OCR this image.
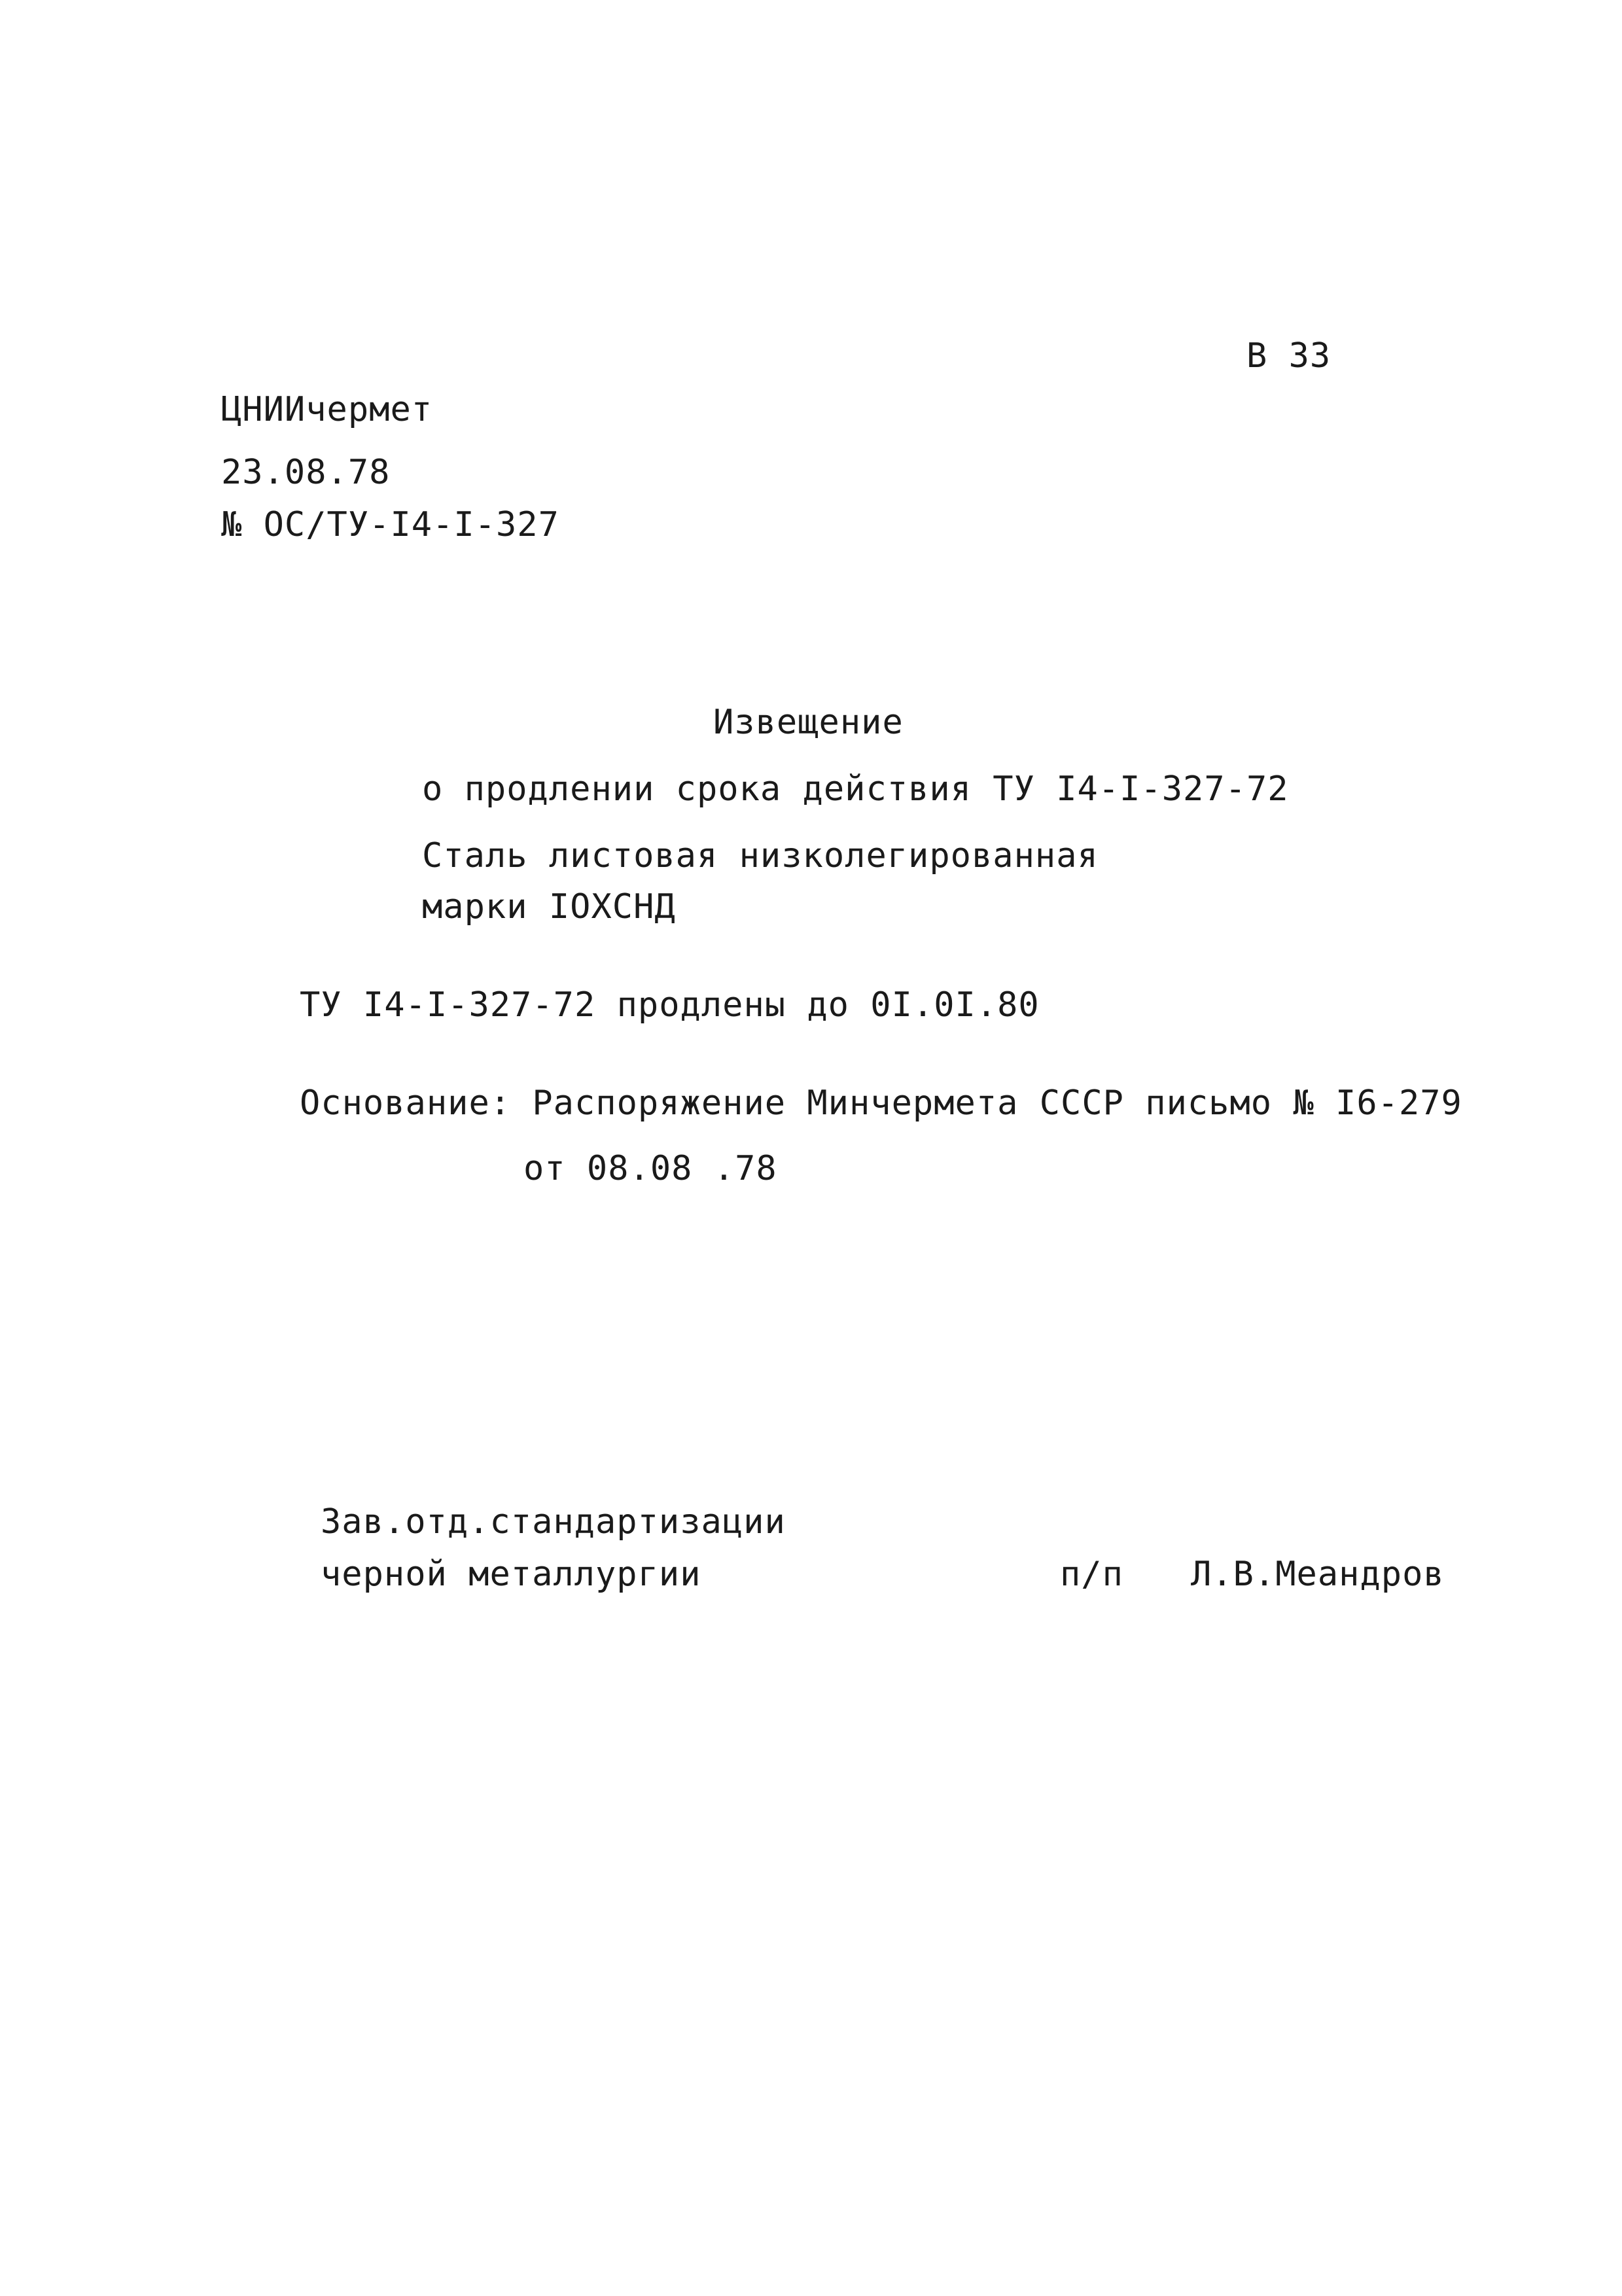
В 33
ЦНИИчермет
23.08.78
№ ОС/ТУ-I4-I-327
Извещение
о продлении срока действия ТУ I4-I-327-72
Сталь листовая низколегированная
марки IОХСНД
ТУ I4-I-327-72 продлены до 0I.0I.80
Основание: Распоряжение Минчермета СССР письмо № I6-279
от 08.08 .78
Зав.отд.стандартизации
черной металлургии	п/п Л.В.Меандров
